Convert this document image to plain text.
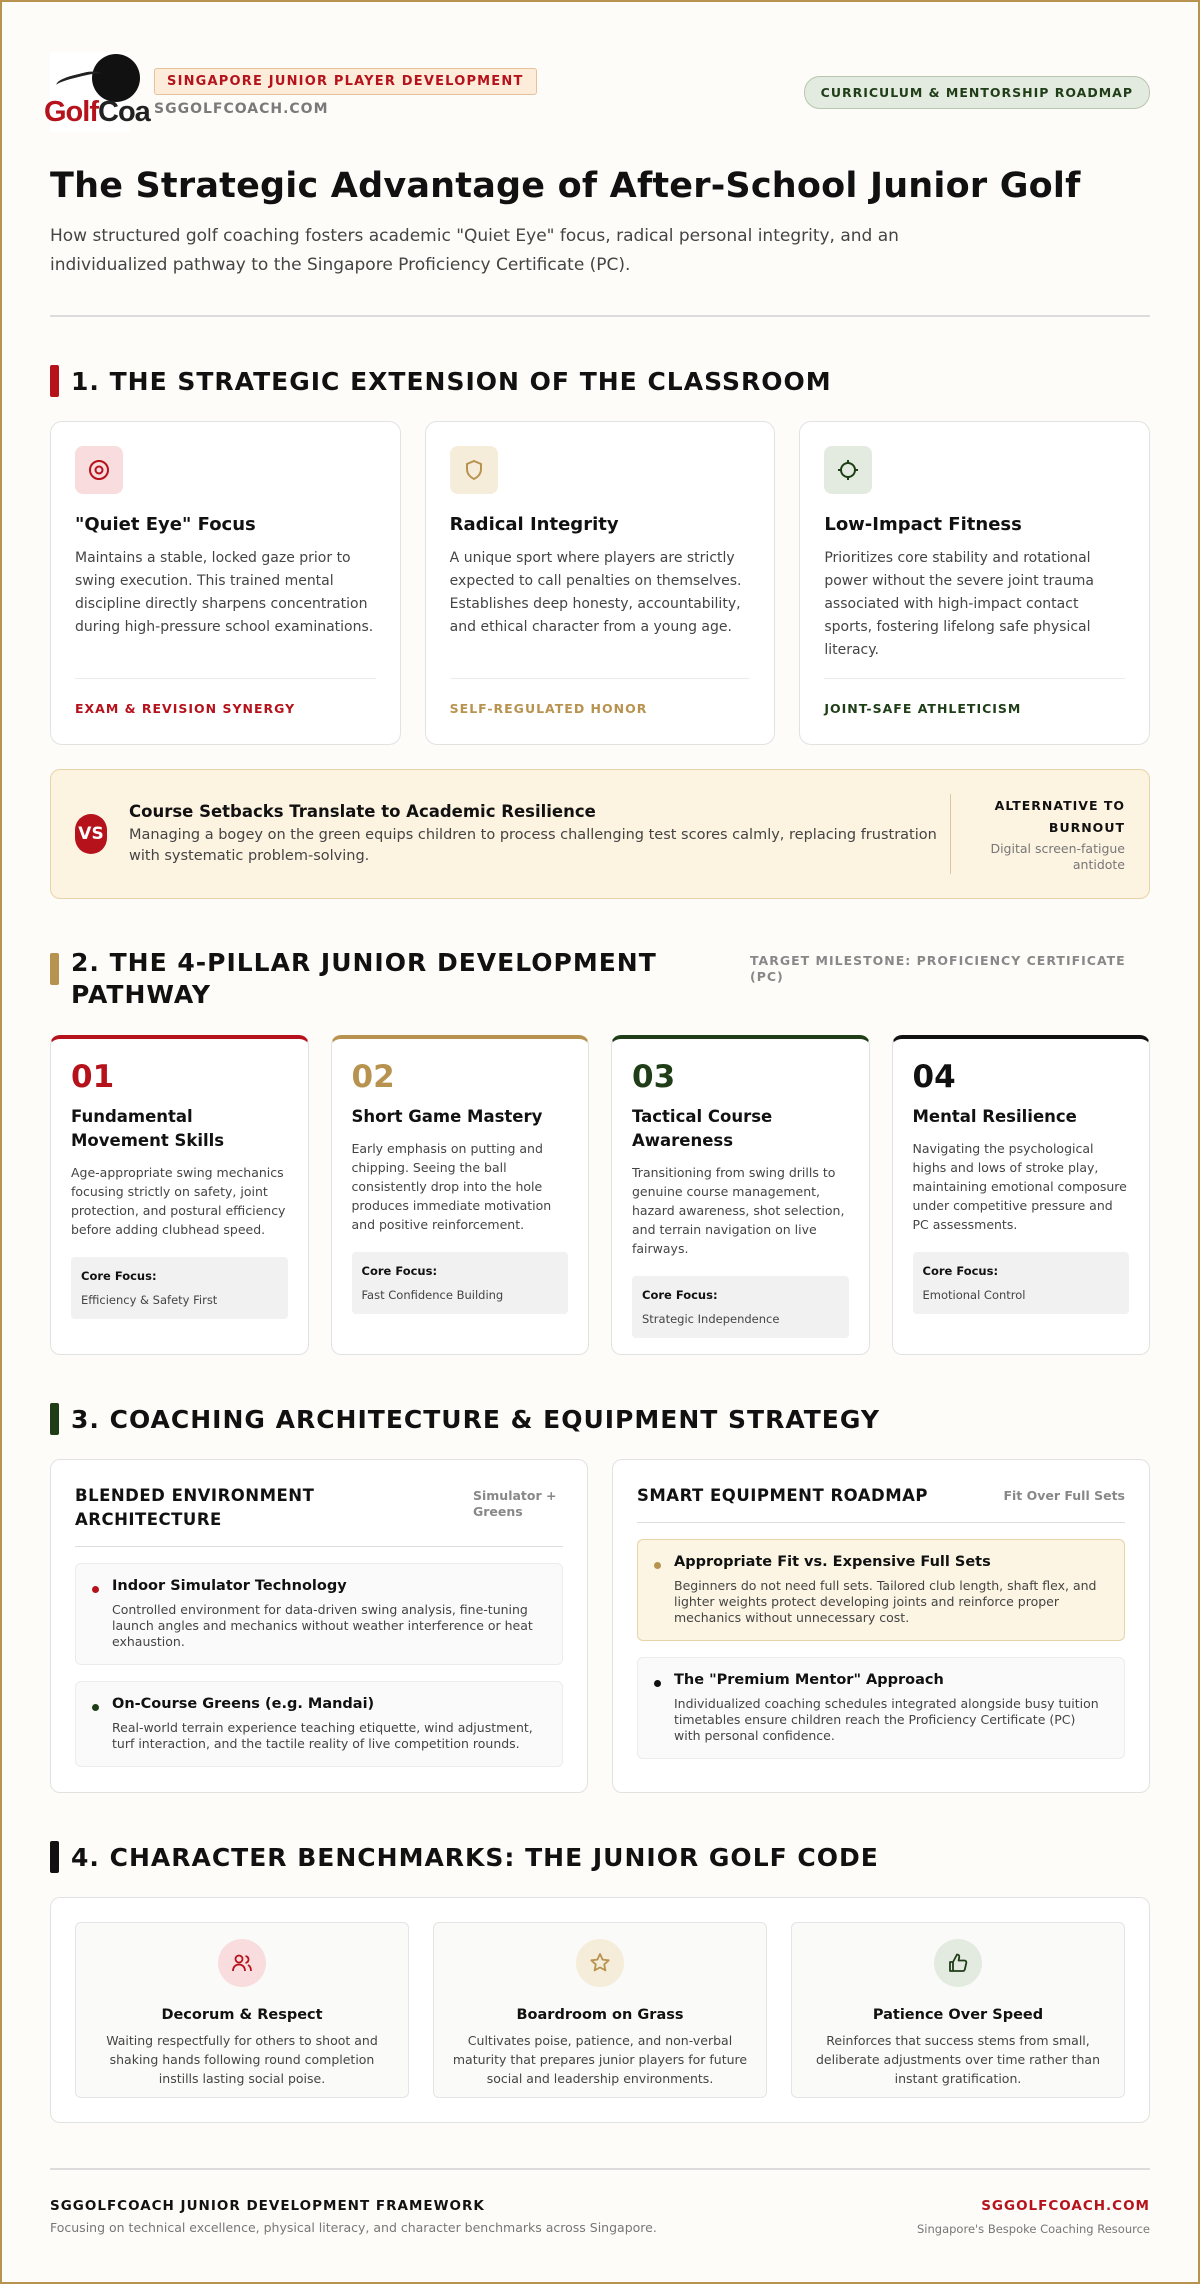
GolfCoa
SINGAPORE JUNIOR PLAYER DEVELOPMENT
SGGOLFCOACH.COM
CURRICULUM & MENTORSHIP ROADMAP
The Strategic Advantage of After-School Junior Golf

How structured golf coaching fosters academic "Quiet Eye" focus, radical personal integrity, and an individualized pathway to the Singapore Proficiency Certificate (PC).

1. THE STRATEGIC EXTENSION OF THE CLASSROOM
"Quiet Eye" Focus

Maintains a stable, locked gaze prior to swing execution. This trained mental discipline directly sharpens concentration during high-pressure school examinations.

EXAM & REVISION SYNERGY
Radical Integrity

A unique sport where players are strictly expected to call penalties on themselves. Establishes deep honesty, accountability, and ethical character from a young age.

SELF-REGULATED HONOR
Low-Impact Fitness

Prioritizes core stability and rotational power without the severe joint trauma associated with high-impact contact sports, fostering lifelong safe physical literacy.

JOINT-SAFE ATHLETICISM
VS
Course Setbacks Translate to Academic Resilience

Managing a bogey on the green equips children to process challenging test scores calmly, replacing frustration with systematic problem-solving.

ALTERNATIVE TO BURNOUT
Digital screen-fatigue antidote
2. THE 4-PILLAR JUNIOR DEVELOPMENT PATHWAY
TARGET MILESTONE: PROFICIENCY CERTIFICATE (PC)
01
Fundamental Movement Skills

Age-appropriate swing mechanics focusing strictly on safety, joint protection, and postural efficiency before adding clubhead speed.

Core Focus:
Efficiency & Safety First
02
Short Game Mastery

Early emphasis on putting and chipping. Seeing the ball consistently drop into the hole produces immediate motivation and positive reinforcement.

Core Focus:
Fast Confidence Building
03
Tactical Course Awareness

Transitioning from swing drills to genuine course management, hazard awareness, shot selection, and terrain navigation on live fairways.

Core Focus:
Strategic Independence
04
Mental Resilience

Navigating the psychological highs and lows of stroke play, maintaining emotional composure under competitive pressure and PC assessments.

Core Focus:
Emotional Control
3. COACHING ARCHITECTURE & EQUIPMENT STRATEGY
BLENDED ENVIRONMENT ARCHITECTURE
Simulator + Greens
Indoor Simulator Technology

Controlled environment for data-driven swing analysis, fine-tuning launch angles and mechanics without weather interference or heat exhaustion.

On-Course Greens (e.g. Mandai)

Real-world terrain experience teaching etiquette, wind adjustment, turf interaction, and the tactile reality of live competition rounds.

SMART EQUIPMENT ROADMAP	Fit Over Full Sets
Appropriate Fit vs. Expensive Full Sets

Beginners do not need full sets. Tailored club length, shaft flex, and lighter weights protect developing joints and reinforce proper mechanics without unnecessary cost.

The "Premium Mentor" Approach

Individualized coaching schedules integrated alongside busy tuition timetables ensure children reach the Proficiency Certificate (PC) with personal confidence.

4. CHARACTER BENCHMARKS: THE JUNIOR GOLF CODE
Decorum & Respect

Waiting respectfully for others to shoot and shaking hands following round completion instills lasting social poise.

Boardroom on Grass

Cultivates poise, patience, and non-verbal maturity that prepares junior players for future social and leadership environments.

Patience Over Speed

Reinforces that success stems from small, deliberate adjustments over time rather than instant gratification.

SGGOLFCOACH JUNIOR DEVELOPMENT FRAMEWORK
Focusing on technical excellence, physical literacy, and character benchmarks across Singapore.
SGGOLFCOACH.COM
Singapore's Bespoke Coaching Resource
